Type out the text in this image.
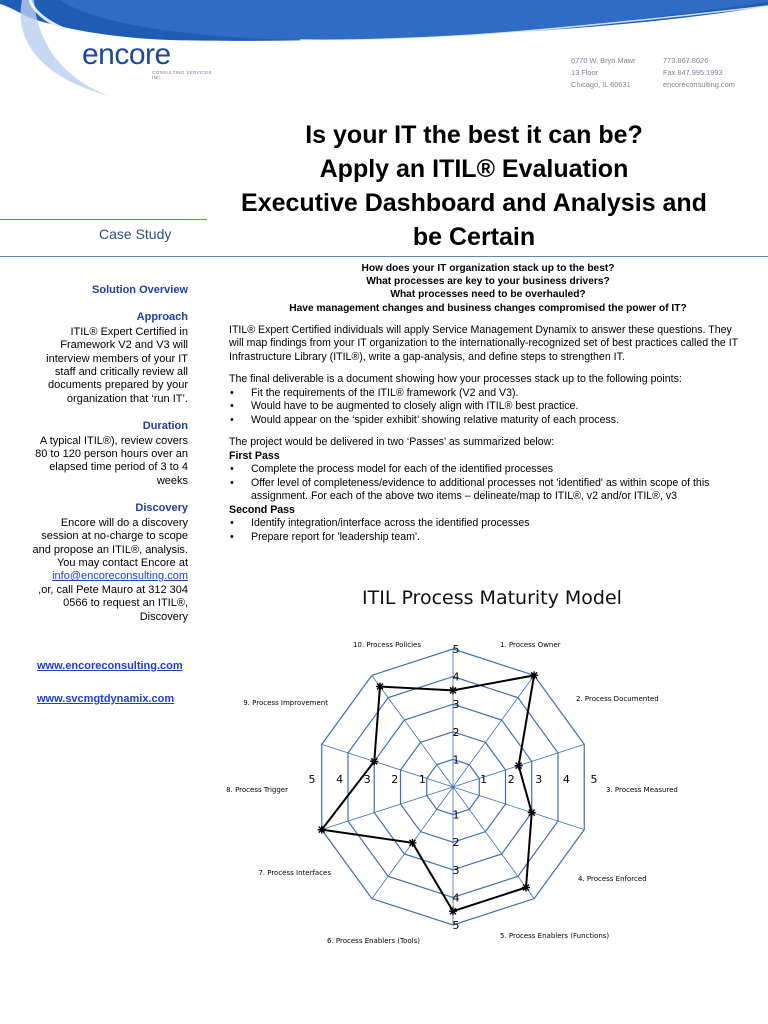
encore
CONSULTING SERVICES INC
6770 W. Bryn Mawr
13 Floor
Chicago, IL 60631
773.867.8026
Fax 847.995.1993
encoreconsulting.com
Is your IT the best it can be?
Apply an ITIL® Evaluation
Executive Dashboard and Analysis and
be Certain
Case Study
Solution Overview
Approach
ITIL® Expert Certified in Framework V2 and V3 will interview members of your IT staff and critically review all documents prepared by your organization that ‘run IT’.
Duration
A typical ITIL®), review covers 80 to 120 person hours over an elapsed time period of 3 to 4 weeks
Discovery
Encore will do a discovery session at no-charge to scope and propose an ITIL®, analysis. You may contact Encore at
info@encoreconsulting.com
,or, call Pete Mauro at 312 304 0566 to request an ITIL®, Discovery
www.encoreconsulting.com
www.svcmgtdynamix.com
How does your IT organization stack up to the best?
What processes are key to your business drivers?
What processes need to be overhauled?
Have management changes and business changes compromised the power of IT?
ITIL® Expert Certified individuals will apply Service Management Dynamix to answer these questions. They will map findings from your IT organization to the internationally-recognized set of best practices called the IT Infrastructure Library (ITIL®), write a gap-analysis, and define steps to strengthen IT.
The final deliverable is a document showing how your processes stack up to the following points:
• Fit the requirements of the ITIL® framework (V2 and V3).
• Would have to be augmented to closely align with ITIL® best practice.
• Would appear on the ‘spider exhibit’ showing relative maturity of each process.
The project would be delivered in two ‘Passes’ as summarized below:
First Pass
• Complete the process model for each of the identified processes
• Offer level of completeness/evidence to additional processes not 'identified' as within scope of this assignment. For each of the above two items – delineate/map to ITIL®, v2 and/or ITIL®, v3
Second Pass
• Identify integration/interface across the identified processes
• Prepare report for 'leadership team'.
ITIL Process Maturity Model
1
2
3
4
5
1 2 3 4 5
1
2
3
4
5
1
2
3
4
5
1. Process Owner
2. Process Documented
3. Process Measured
4. Process Enforced
5. Process Enablers (Functions)
6. Process Enablers (Tools)
7. Process Interfaces
8. Process Trigger
9. Process Improvement
10. Process Policies
